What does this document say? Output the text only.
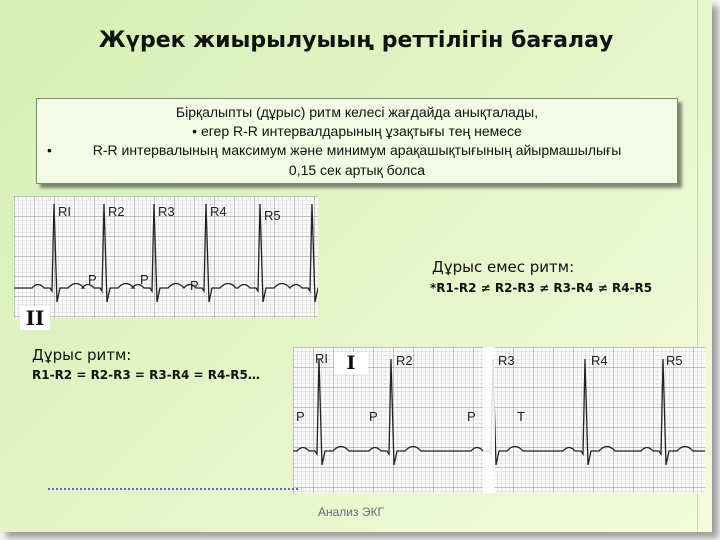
Жүрек жиырылуыың реттілігін бағалау
Бірқалыпты (дұрыс) ритм келесі жағдайда анықталады,
• егер R-R интервалдарының ұзақтығы тең немесе
•	R-R интервалының максимум және минимум арақашықтығының айырмашылығы
0,15 сек артық болса
RI	R2	R3	R4	R5
P	P	P
II
Дұрыс ритм:
R1-R2 = R2-R3 = R3-R4 = R4-R5…
Дұрыс емес ритм:
*R1-R2 ≠ R2-R3 ≠ R3-R4 ≠ R4-R5
RI	R2	R3	R4	R5
P	P	P	T
I
Анализ ЭКГ
